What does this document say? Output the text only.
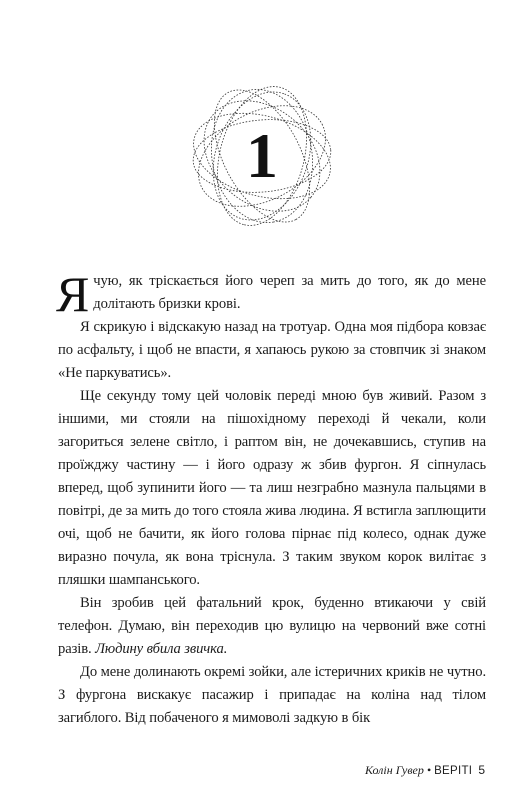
1

Я чую, як тріскається його череп за мить до того, як до мене долітають бризки крові.

Я скрикую і відскакую назад на тротуар. Одна моя підбора ковзає по асфальту, і щоб не впасти, я хапаюсь рукою за стовпчик зі знаком «Не паркуватись».

Ще секунду тому цей чоловік переді мною був живий. Разом з іншими, ми стояли на пішохідному переході й чекали, коли загориться зелене світло, і раптом він, не дочекавшись, ступив на проїжджу частину — і його одразу ж збив фургон. Я сіпнулась вперед, щоб зупинити його — та лиш незграбно мазнула пальцями в повітрі, де за мить до того стояла жива людина. Я встигла заплющити очі, щоб не бачити, як його голова пірнає під колесо, однак дуже виразно почула, як вона тріснула. З таким звуком корок вилітає з пляшки шампанського.

Він зробив цей фатальний крок, буденно втикаючи у свій телефон. Думаю, він переходив цю вулицю на червоний вже сотні разів. Людину вбила звичка.

До мене долинають окремі зойки, але істеричних криків не чутно. З фургона вискакує пасажир і припадає на коліна над тілом загиблого. Від побаченого я мимоволі задкую в бік

Колін Гувер • ВЕРІТІ 5
